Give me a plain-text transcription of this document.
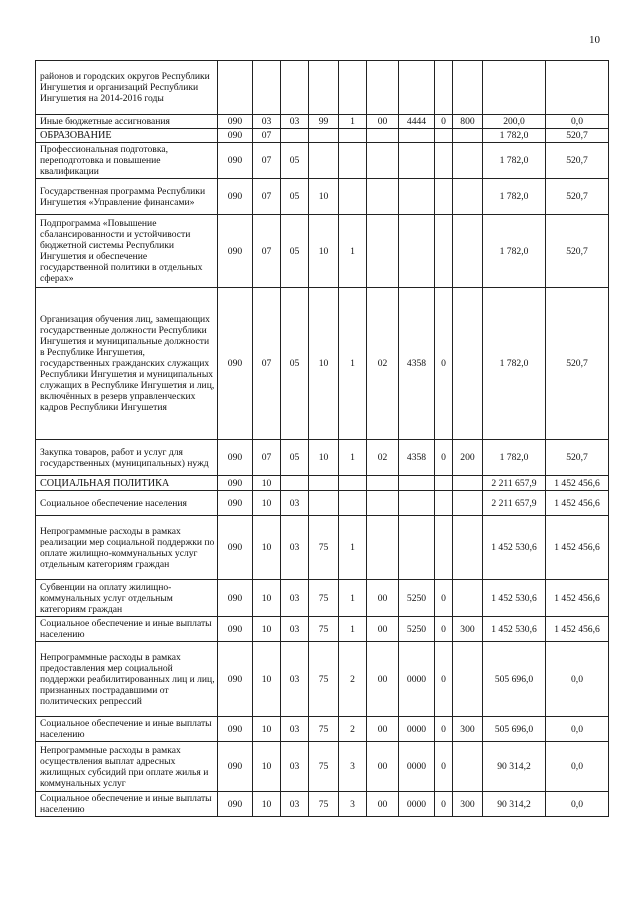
10
районов и городских округов Республики Ингушетия и организаций Республики Ингушетия на 2014-2016 годы											
Иные бюджетные ассигнования	090	03	03	99	1	00	4444	0	800	200,0	0,0
ОБРАЗОВАНИЕ	090	07								1 782,0	520,7
Профессиональная подготовка, переподготовка и повышение квалификации	090	07	05							1 782,0	520,7
Государственная программа Республики Ингушетия «Управление финансами»	090	07	05	10						1 782,0	520,7
Подпрограмма «Повышение сбалансированности и устойчивости бюджетной системы Республики Ингушетия и обеспечение государственной политики в отдельных сферах»	090	07	05	10	1					1 782,0	520,7
Организация обучения лиц, замещающих государственные должности Республики Ингушетия и муниципальные должности в Республике Ингушетия, государственных гражданских служащих Республики Ингушетия и муниципальных служащих в Республике Ингушетия и лиц, включённых в резерв управленческих кадров Республики Ингушетия	090	07	05	10	1	02	4358	0		1 782,0	520,7
Закупка товаров, работ и услуг для государственных (муниципальных) нужд	090	07	05	10	1	02	4358	0	200	1 782,0	520,7
СОЦИАЛЬНАЯ ПОЛИТИКА	090	10								2 211 657,9	1 452 456,6
Социальное обеспечение населения	090	10	03							2 211 657,9	1 452 456,6
Непрограммные расходы в рамках реализации мер социальной поддержки по оплате жилищно-коммунальных услуг отдельным категориям граждан	090	10	03	75	1					1 452 530,6	1 452 456,6
Субвенции на оплату жилищно-коммунальных услуг отдельным категориям граждан	090	10	03	75	1	00	5250	0		1 452 530,6	1 452 456,6
Социальное обеспечение и иные выплаты населению	090	10	03	75	1	00	5250	0	300	1 452 530,6	1 452 456,6
Непрограммные расходы в рамках предоставления мер социальной поддержки реабилитированных лиц и лиц, признанных пострадавшими от политических репрессий	090	10	03	75	2	00	0000	0		505 696,0	0,0
Социальное обеспечение и иные выплаты населению	090	10	03	75	2	00	0000	0	300	505 696,0	0,0
Непрограммные расходы в рамках осуществления выплат адресных жилищных субсидий при оплате жилья и коммунальных услуг	090	10	03	75	3	00	0000	0		90 314,2	0,0
Социальное обеспечение и иные выплаты населению	090	10	03	75	3	00	0000	0	300	90 314,2	0,0
